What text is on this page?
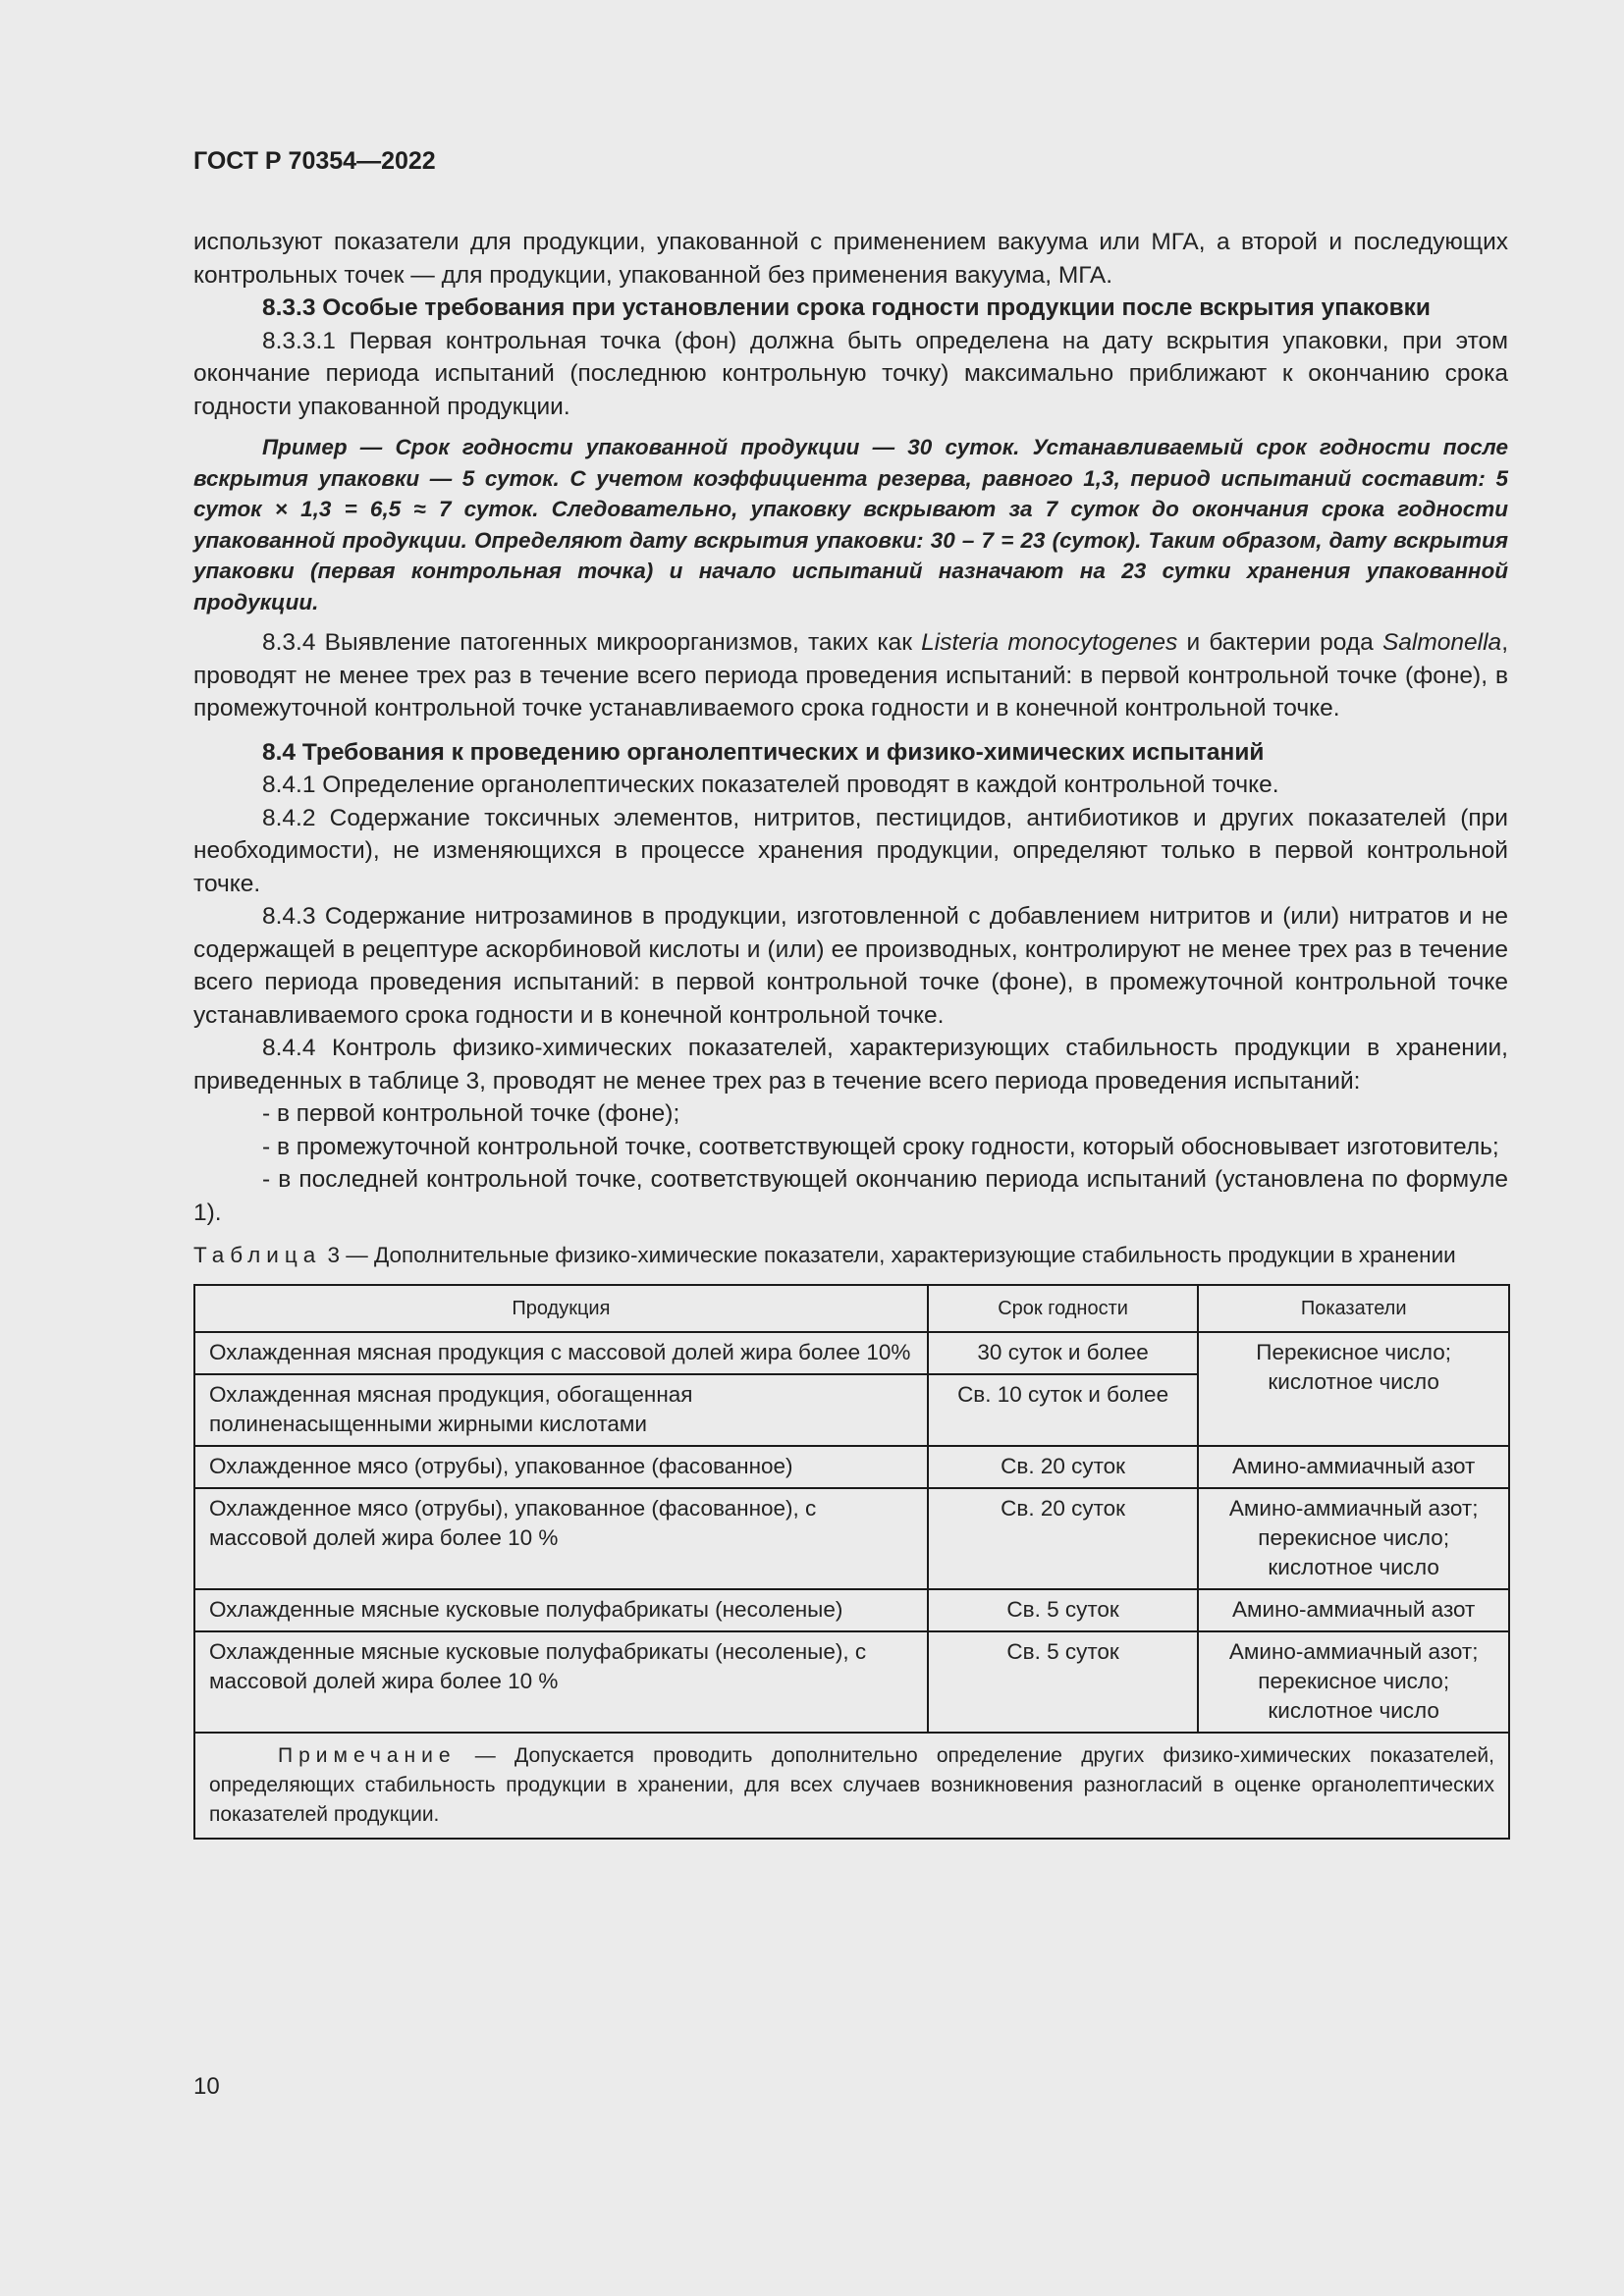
ГОСТ Р 70354—2022

используют показатели для продукции, упакованной с применением вакуума или МГА, а второй и последующих контрольных точек — для продукции, упакованной без применения вакуума, МГА.

8.3.3 Особые требования при установлении срока годности продукции после вскрытия упаковки

8.3.3.1 Первая контрольная точка (фон) должна быть определена на дату вскрытия упаковки, при этом окончание периода испытаний (последнюю контрольную точку) максимально приближают к окончанию срока годности упакованной продукции.

Пример — Срок годности упакованной продукции — 30 суток. Устанавливаемый срок годности после вскрытия упаковки — 5 суток. С учетом коэффициента резерва, равного 1,3, период испытаний составит: 5 суток × 1,3 = 6,5 ≈ 7 суток. Следовательно, упаковку вскрывают за 7 суток до окончания срока годности упакованной продукции. Определяют дату вскрытия упаковки: 30 – 7 = 23 (суток). Таким образом, дату вскрытия упаковки (первая контрольная точка) и начало испытаний назначают на 23 сутки хранения упакованной продукции.

8.3.4 Выявление патогенных микроорганизмов, таких как Listeria monocytogenes и бактерии рода Salmonella, проводят не менее трех раз в течение всего периода проведения испытаний: в первой контрольной точке (фоне), в промежуточной контрольной точке устанавливаемого срока годности и в конечной контрольной точке.

8.4 Требования к проведению органолептических и физико-химических испытаний

8.4.1 Определение органолептических показателей проводят в каждой контрольной точке.

8.4.2 Содержание токсичных элементов, нитритов, пестицидов, антибиотиков и других показателей (при необходимости), не изменяющихся в процессе хранения продукции, определяют только в первой контрольной точке.

8.4.3 Содержание нитрозаминов в продукции, изготовленной с добавлением нитритов и (или) нитратов и не содержащей в рецептуре аскорбиновой кислоты и (или) ее производных, контролируют не менее трех раз в течение всего периода проведения испытаний: в первой контрольной точке (фоне), в промежуточной контрольной точке устанавливаемого срока годности и в конечной контрольной точке.

8.4.4 Контроль физико-химических показателей, характеризующих стабильность продукции в хранении, приведенных в таблице 3, проводят не менее трех раз в течение всего периода проведения испытаний:

- в первой контрольной точке (фоне);

- в промежуточной контрольной точке, соответствующей сроку годности, который обосновывает изготовитель;

- в последней контрольной точке, соответствующей окончанию периода испытаний (установлена по формуле 1).

Таблица 3 — Дополнительные физико-химические показатели, характеризующие стабильность продукции в хранении

Продукция	Срок годности	Показатели
Охлажденная мясная продукция с массовой долей жира более 10%	30 суток и более	Перекисное число; кислотное число
Охлажденная мясная продукция, обогащенная полиненасыщенными жирными кислотами	Св. 10 суток и более	
Охлажденное мясо (отрубы), упакованное (фасованное)	Св. 20 суток	Амино-аммиачный азот
Охлажденное мясо (отрубы), упакованное (фасованное), с массовой долей жира более 10 %	Св. 20 суток	Амино-аммиачный азот; перекисное число; кислотное число
Охлажденные мясные кусковые полуфабрикаты (несоленые)	Св. 5 суток	Амино-аммиачный азот
Охлажденные мясные кусковые полуфабрикаты (несоленые), с массовой долей жира более 10 %	Св. 5 суток	Амино-аммиачный азот; перекисное число; кислотное число
Примечание — Допускается проводить дополнительно определение других физико-химических показателей, определяющих стабильность продукции в хранении, для всех случаев возникновения разногласий в оценке органолептических показателей продукции.		
10
